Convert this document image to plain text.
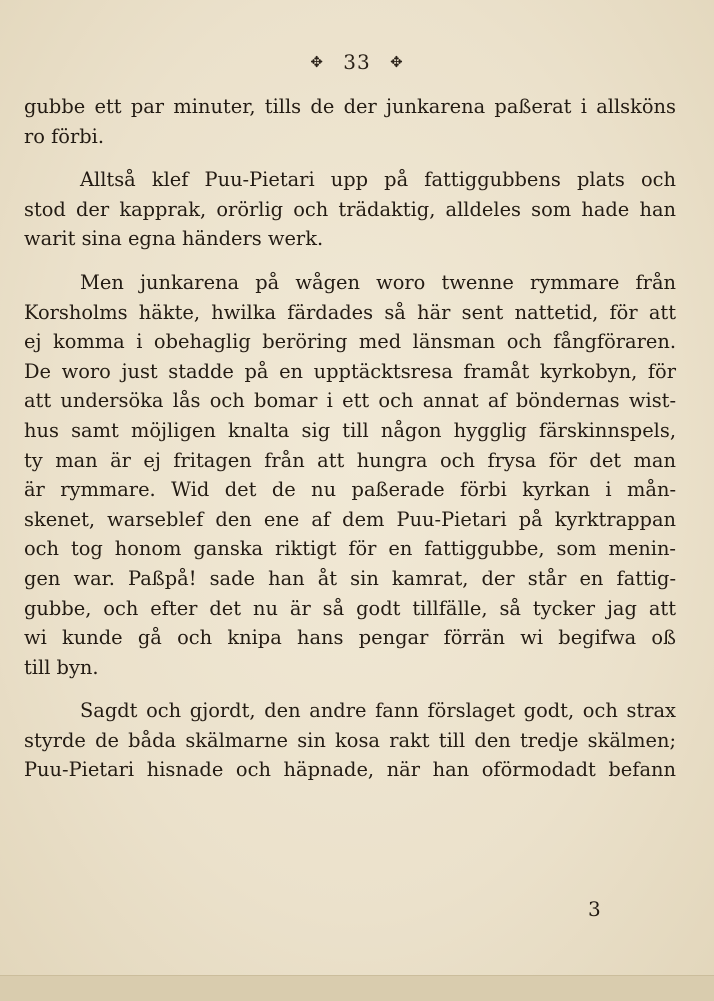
✥ 33 ✥
gubbe ett par minuter, tills de der junkarena paßerat i allsköns
ro förbi.
Alltså klef Puu-Pietari upp på fattiggubbens plats och
stod der kapprak, orörlig och trädaktig, alldeles som hade han
warit sina egna händers werk.
Men junkarena på wågen woro twenne rymmare från
Korsholms häkte, hwilka färdades så här sent nattetid, för att
ej komma i obehaglig beröring med länsman och fångföraren.
De woro just stadde på en upptäcktsresa framåt kyrkobyn, för
att undersöka lås och bomar i ett och annat af böndernas wist-
hus samt möjligen knalta sig till någon hygglig färskinnspels,
ty man är ej fritagen från att hungra och frysa för det man
är rymmare. Wid det de nu paßerade förbi kyrkan i mån-
skenet, warseblef den ene af dem Puu-Pietari på kyrktrappan
och tog honom ganska riktigt för en fattiggubbe, som menin-
gen war. Paßpå! sade han åt sin kamrat, der står en fattig-
gubbe, och efter det nu är så godt tillfälle, så tycker jag att
wi kunde gå och knipa hans pengar förrän wi begifwa oß
till byn.
Sagdt och gjordt, den andre fann förslaget godt, och strax
styrde de båda skälmarne sin kosa rakt till den tredje skälmen;
Puu-Pietari hisnade och häpnade, när han oförmodadt befann
3
